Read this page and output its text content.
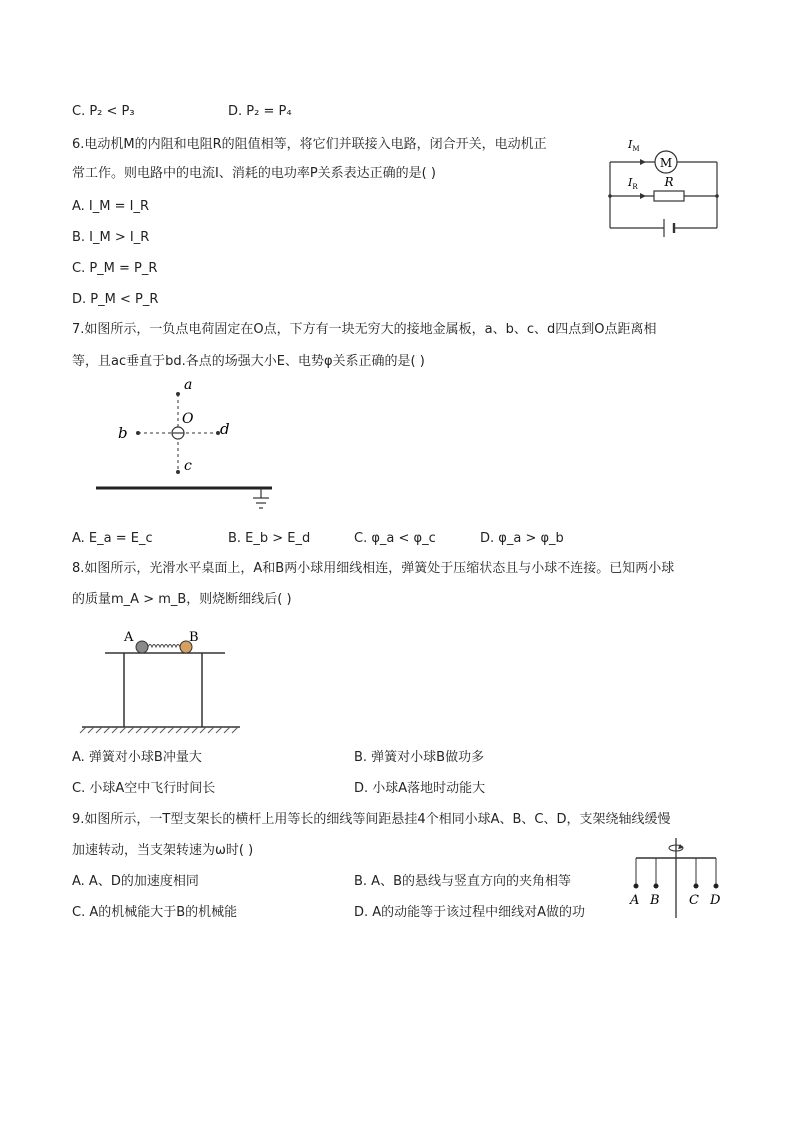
C. P₂ < P₃	D. P₂ = P₄
6.电动机M的内阻和电阻R的阻值相等，将它们并联接入电路，闭合开关，电动机正
常工作。则电路中的电流I、消耗的电功率P关系表达正确的是( )
A. I_M = I_R
B. I_M > I_R
C. P_M = P_R
D. P_M < P_R
M
R
$I_M$
$I_R$
7.如图所示，一负点电荷固定在O点，下方有一块无穷大的接地金属板，a、b、c、d四点到O点距离相
等，且ac垂直于bd.各点的场强大小E、电势φ关系正确的是( )
a
b
c
d
O
A. E_a = E_c	B. E_b > E_d	C. φ_a < φ_c	D. φ_a > φ_b
8.如图所示，光滑水平桌面上，A和B两小球用细线相连，弹簧处于压缩状态且与小球不连接。已知两小球
的质量m_A > m_B，则烧断细线后( )
A	B
A. 弹簧对小球B冲量大	B. 弹簧对小球B做功多
C. 小球A空中飞行时间长	D. 小球A落地时动能大
9.如图所示，一T型支架长的横杆上用等长的细线等间距悬挂4个相同小球A、B、C、D，支架绕轴线缓慢
加速转动，当支架转速为ω时( )
A. A、D的加速度相同	B. A、B的悬线与竖直方向的夹角相等
C. A的机械能大于B的机械能	D. A的动能等于该过程中细线对A做的功
A B C D
